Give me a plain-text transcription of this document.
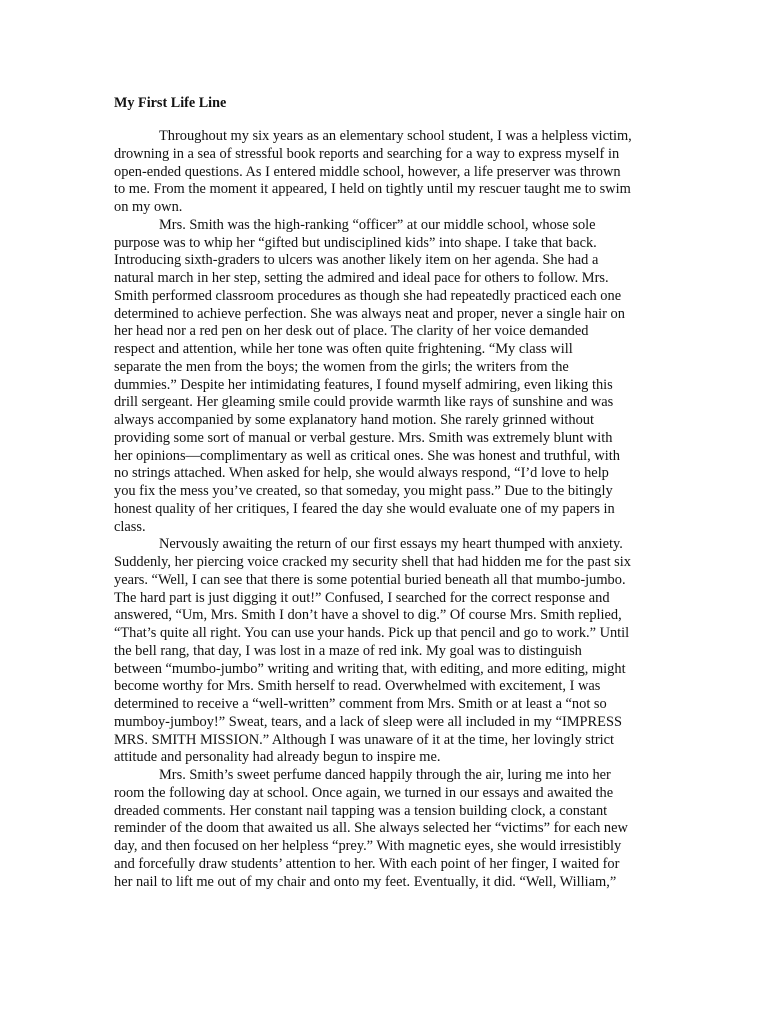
My First Life Line
Throughout my six years as an elementary school student, I was a helpless victim,
drowning in a sea of stressful book reports and searching for a way to express myself in
open-ended questions. As I entered middle school, however, a life preserver was thrown
to me. From the moment it appeared, I held on tightly until my rescuer taught me to swim
on my own.
Mrs. Smith was the high-ranking “officer” at our middle school, whose sole
purpose was to whip her “gifted but undisciplined kids” into shape. I take that back.
Introducing sixth-graders to ulcers was another likely item on her agenda. She had a
natural march in her step, setting the admired and ideal pace for others to follow. Mrs.
Smith performed classroom procedures as though she had repeatedly practiced each one
determined to achieve perfection. She was always neat and proper, never a single hair on
her head nor a red pen on her desk out of place. The clarity of her voice demanded
respect and attention, while her tone was often quite frightening. “My class will
separate the men from the boys; the women from the girls; the writers from the
dummies.” Despite her intimidating features, I found myself admiring, even liking this
drill sergeant. Her gleaming smile could provide warmth like rays of sunshine and was
always accompanied by some explanatory hand motion. She rarely grinned without
providing some sort of manual or verbal gesture. Mrs. Smith was extremely blunt with
her opinions—complimentary as well as critical ones. She was honest and truthful, with
no strings attached. When asked for help, she would always respond, “I’d love to help
you fix the mess you’ve created, so that someday, you might pass.” Due to the bitingly
honest quality of her critiques, I feared the day she would evaluate one of my papers in
class.
Nervously awaiting the return of our first essays my heart thumped with anxiety.
Suddenly, her piercing voice cracked my security shell that had hidden me for the past six
years. “Well, I can see that there is some potential buried beneath all that mumbo-jumbo.
The hard part is just digging it out!” Confused, I searched for the correct response and
answered, “Um, Mrs. Smith I don’t have a shovel to dig.” Of course Mrs. Smith replied,
“That’s quite all right. You can use your hands. Pick up that pencil and go to work.” Until
the bell rang, that day, I was lost in a maze of red ink. My goal was to distinguish
between “mumbo-jumbo” writing and writing that, with editing, and more editing, might
become worthy for Mrs. Smith herself to read. Overwhelmed with excitement, I was
determined to receive a “well-written” comment from Mrs. Smith or at least a “not so
mumboy-jumboy!” Sweat, tears, and a lack of sleep were all included in my “IMPRESS
MRS. SMITH MISSION.” Although I was unaware of it at the time, her lovingly strict
attitude and personality had already begun to inspire me.
Mrs. Smith’s sweet perfume danced happily through the air, luring me into her
room the following day at school. Once again, we turned in our essays and awaited the
dreaded comments. Her constant nail tapping was a tension building clock, a constant
reminder of the doom that awaited us all. She always selected her “victims” for each new
day, and then focused on her helpless “prey.” With magnetic eyes, she would irresistibly
and forcefully draw students’ attention to her. With each point of her finger, I waited for
her nail to lift me out of my chair and onto my feet. Eventually, it did. “Well, William,”
